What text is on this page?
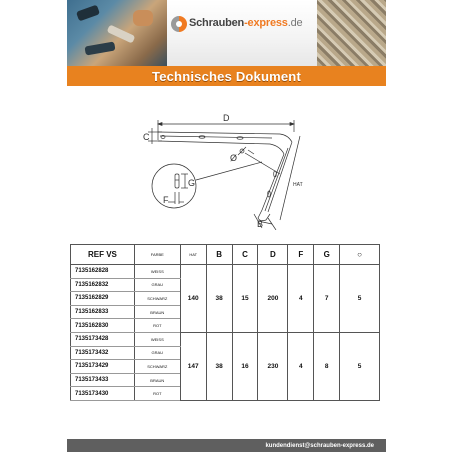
Schrauben-express.de
Technisches Dokument
D
C
Ø
G
F
HAT
B
REF VS	FARBE	HAT	B	C	D	F	G	○
7135162828	WEISS	140	38	15	200	4	7	5
7135162832	GRAU							
7135162829	SCHWARZ							
7135162833	BRAUN							
7135162830	ROT							
7135173428	WEISS	147	38	16	230	4	8	5
7135173432	GRAU							
7135173429	SCHWARZ							
7135173433	BRAUN							
7135173430	ROT							
kundendienst@schrauben-express.de
